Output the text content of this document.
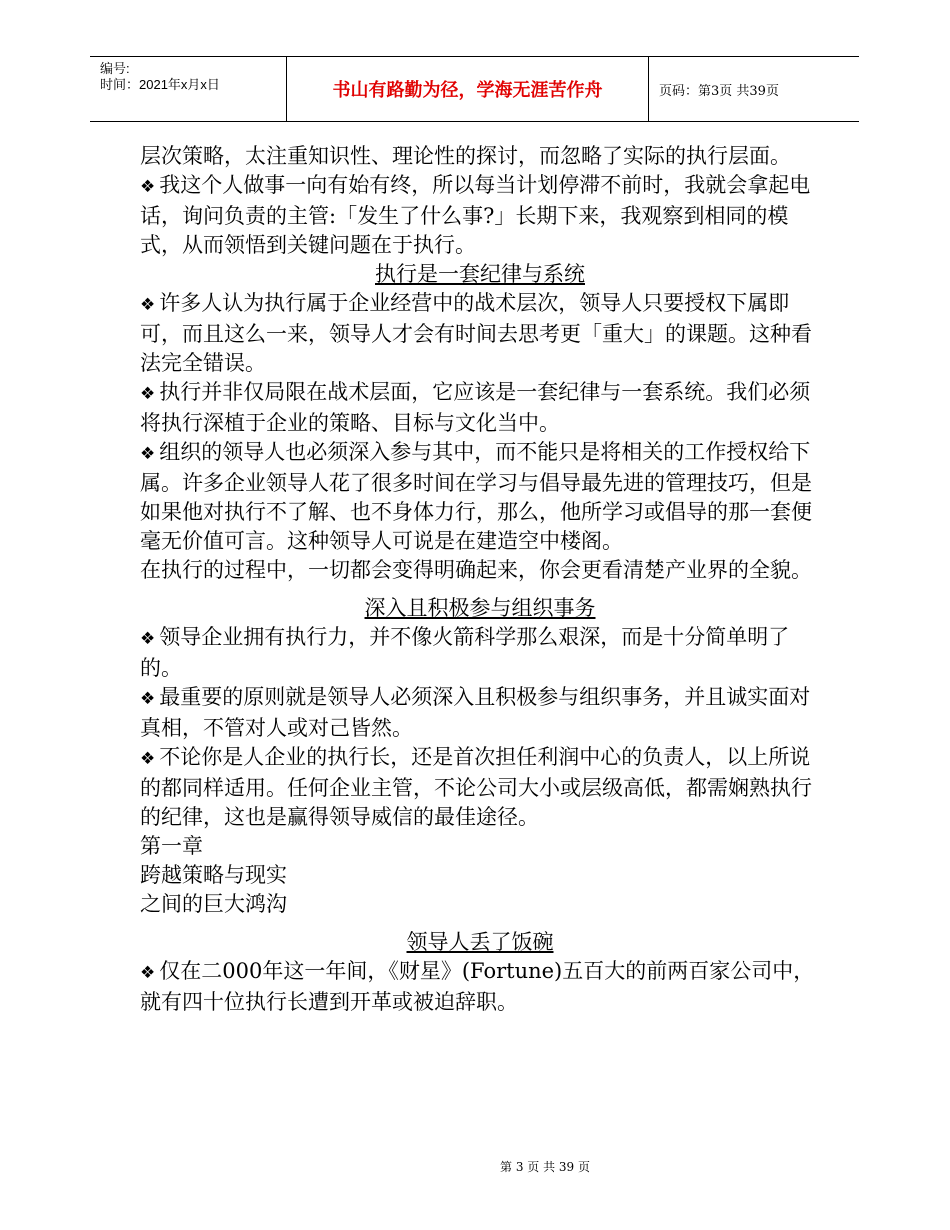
编号:
时间：2021年x月x日	书山有路勤为径，学海无涯苦作舟	页码：第3页 共39页

层次策略，太注重知识性、理论性的探讨，而忽略了实际的执行层面。

❖ 我这个人做事一向有始有终，所以每当计划停滞不前时，我就会拿起电话，询问负责的主管:「发生了什么事?」长期下来，我观察到相同的模式，从而领悟到关键问题在于执行。

执行是一套纪律与系统

❖ 许多人认为执行属于企业经营中的战术层次，领导人只要授权下属即可，而且这么一来，领导人才会有时间去思考更「重大」的课题。这种看法完全错误。

❖ 执行并非仅局限在战术层面，它应该是一套纪律与一套系统。我们必须将执行深植于企业的策略、目标与文化当中。

❖ 组织的领导人也必须深入参与其中，而不能只是将相关的工作授权给下属。许多企业领导人花了很多时间在学习与倡导最先进的管理技巧，但是如果他对执行不了解、也不身体力行，那么，他所学习或倡导的那一套便毫无价值可言。这种领导人可说是在建造空中楼阁。

在执行的过程中，一切都会变得明确起来，你会更看清楚产业界的全貌。

深入且积极参与组织事务

❖ 领导企业拥有执行力，并不像火箭科学那么艰深，而是十分简单明了的。

❖ 最重要的原则就是领导人必须深入且积极参与组织事务，并且诚实面对真相，不管对人或对己皆然。

❖ 不论你是人企业的执行长，还是首次担任利润中心的负责人，以上所说的都同样适用。任何企业主管，不论公司大小或层级高低，都需娴熟执行的纪律，这也是赢得领导威信的最佳途径。

第一章

跨越策略与现实

之间的巨大鸿沟

领导人丢了饭碗

❖ 仅在二000年这一年间，《财星》(Fortune)五百大的前两百家公司中，就有四十位执行长遭到开革或被迫辞职。

第 3 页 共 39 页
